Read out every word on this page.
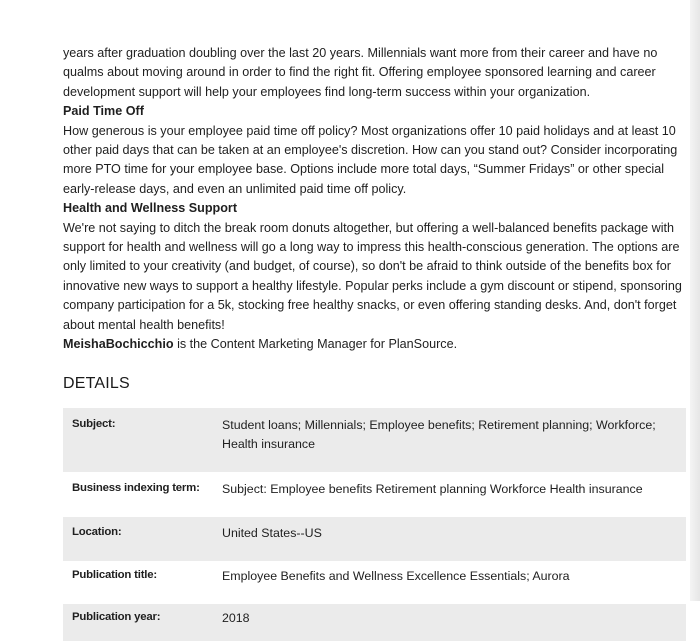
years after graduation doubling over the last 20 years. Millennials want more from their career and have no qualms about moving around in order to find the right fit. Offering employee sponsored learning and career development support will help your employees find long-term success within your organization.

Paid Time Off

How generous is your employee paid time off policy? Most organizations offer 10 paid holidays and at least 10 other paid days that can be taken at an employee's discretion. How can you stand out? Consider incorporating more PTO time for your employee base. Options include more total days, “Summer Fridays” or other special early-release days, and even an unlimited paid time off policy.

Health and Wellness Support

We're not saying to ditch the break room donuts altogether, but offering a well-balanced benefits package with support for health and wellness will go a long way to impress this health-conscious generation. The options are only limited to your creativity (and budget, of course), so don't be afraid to think outside of the benefits box for innovative new ways to support a healthy lifestyle. Popular perks include a gym discount or stipend, sponsoring company participation for a 5k, stocking free healthy snacks, or even offering standing desks. And, don't forget about mental health benefits!

MeishaBochicchio is the Content Marketing Manager for PlanSource.

DETAILS
Subject:	Student loans; Millennials; Employee benefits; Retirement planning; Workforce; Health insurance
Business indexing term:	Subject: Employee benefits Retirement planning Workforce Health insurance
Location:	United States--US
Publication title:	Employee Benefits and Wellness Excellence Essentials; Aurora
Publication year:	2018
